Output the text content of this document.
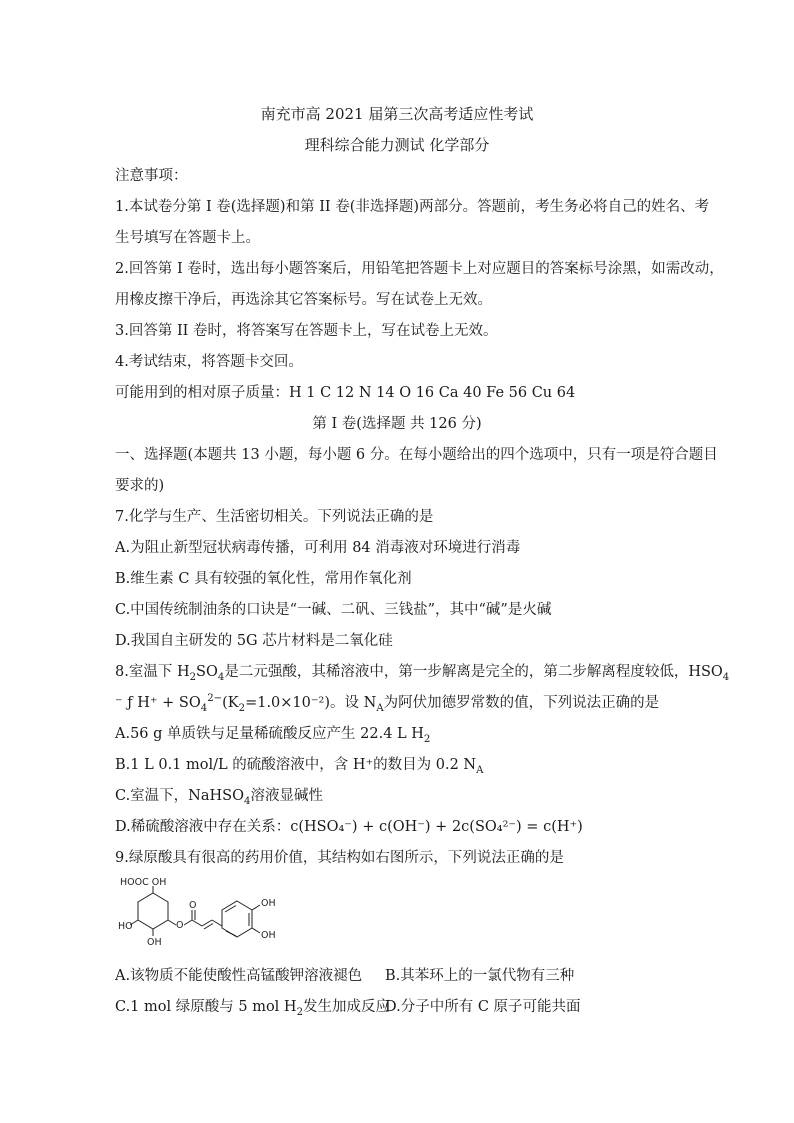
南充市高 2021 届第三次高考适应性考试
理科综合能力测试 化学部分
注意事项：
1.本试卷分第 I 卷(选择题)和第 II 卷(非选择题)两部分。答题前，考生务必将自己的姓名、考
生号填写在答题卡上。
2.回答第 I 卷时，选出每小题答案后，用铅笔把答题卡上对应题目的答案标号涂黑，如需改动，
用橡皮擦干净后，再选涂其它答案标号。写在试卷上无效。
3.回答第 II 卷时，将答案写在答题卡上，写在试卷上无效。
4.考试结束，将答题卡交回。
可能用到的相对原子质量：H 1 C 12 N 14 O 16 Ca 40 Fe 56 Cu 64
第 I 卷(选择题 共 126 分)
一、选择题(本题共 13 小题，每小题 6 分。在每小题给出的四个选项中，只有一项是符合题目
要求的)
7.化学与生产、生活密切相关。下列说法正确的是
A.为阻止新型冠状病毒传播，可利用 84 消毒液对环境进行消毒
B.维生素 C 具有较强的氧化性，常用作氧化剂
C.中国传统制油条的口诀是“一碱、二矾、三钱盐”，其中“碱”是火碱
D.我国自主研发的 5G 芯片材料是二氧化硅
8.室温下 $H_2SO_4$是二元强酸，其稀溶液中，第一步解离是完全的，第二步解离程度较低，$HSO_4$
⁻ ƒ $H^+ + SO_4^{2-}(K_2=1.0\times 10^{-2})$。设 $N_A$为阿伏加德罗常数的值，下列说法正确的是
A.56 g 单质铁与足量稀硫酸反应产生 22.4 L $H_2$
B.1 L 0.1 mol/L 的硫酸溶液中，含 H⁺的数目为 0.2 $N_A$
C.室温下，NaHSO$_4$溶液显碱性
D.稀硫酸溶液中存在关系：c(HSO₄⁻) + c(OH⁻) + 2c(SO₄²⁻) = c(H⁺)
9.绿原酸具有很高的药用价值，其结构如右图所示，下列说法正确的是
HOOC OH
HO
OH
O
O	OH
OH
A.该物质不能使酸性高锰酸钾溶液褪色 B.其苯环上的一氯代物有三种
C.1 mol 绿原酸与 5 mol $H_2$发生加成反应
D.分子中所有 C 原子可能共面
